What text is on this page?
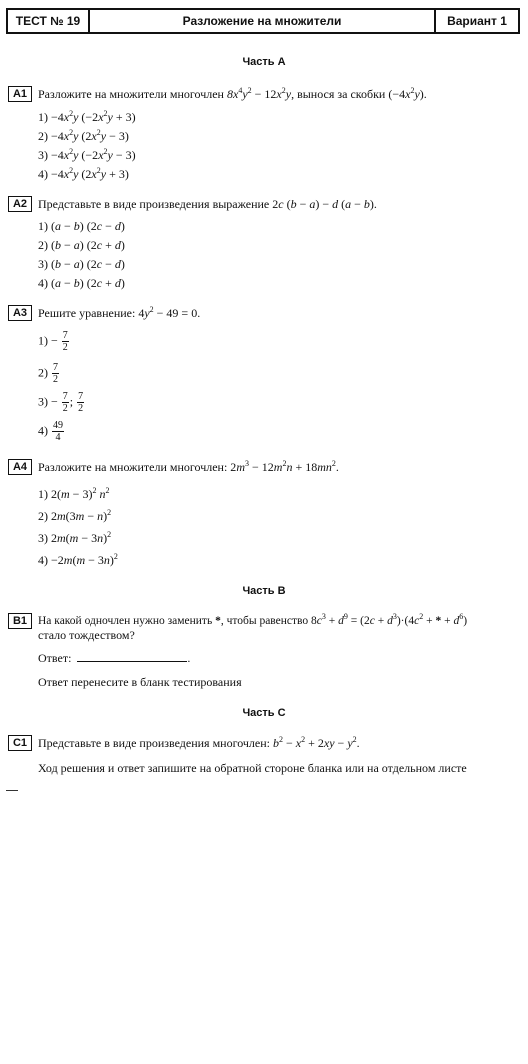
ТЕСТ № 19	Разложение на множители	Вариант 1
Часть А
А1 Разложите на множители многочлен $8x^4y^2 - 12x^2y$, вынося за скобки $(-4x^2y)$.
$1) -4x^2y$ $(-2x^2y + 3)$
$2) -4x^2y$ $(2x^2y - 3)$
$3) -4x^2y$ $(-2x^2y - 3)$
$4) -4x^2y$ $(2x^2y + 3)$
А2 Представьте в виде произведения выражение 2c (b − a) − d (a − b).
1) (a − b) (2c − d)
2) (b − a) (2c + d)
3) (b − a) (2c − d)
4) (a − b) (2c + d)
А3 Решите уравнение: $4y^2 - 49 = 0$.
$1) - \frac{7}{2}$
$2) \frac{7}{2}$
$3) - \frac{7}{2}$ ; $\frac{7}{2}$
$4) \frac{49}{4}$
А4 Разложите на множители многочлен: $2m^3 - 12m^2n + 18mn^2$.
1) $2(m - 3)^2$ $n^2$
2) $2m(3m - n)^2$
3) $2m(m - 3n)^2$
$4) -2m(m - 3n)^2$
Часть В
В1 На какой одночлен нужно заменить *, чтобы равенство $8c^3 + d^9 = (2c + d^3)\cdot(4c^2$ + * + $d^6$)
стало тождеством?
Ответ:	.
Ответ перенесите в бланк тестирования
Часть С
С1 Представьте в виде произведения многочлен: $b^2 - x^2 + 2xy - y^2$.
Ход решения и ответ запишите на обратной стороне бланка или на отдельном листе
